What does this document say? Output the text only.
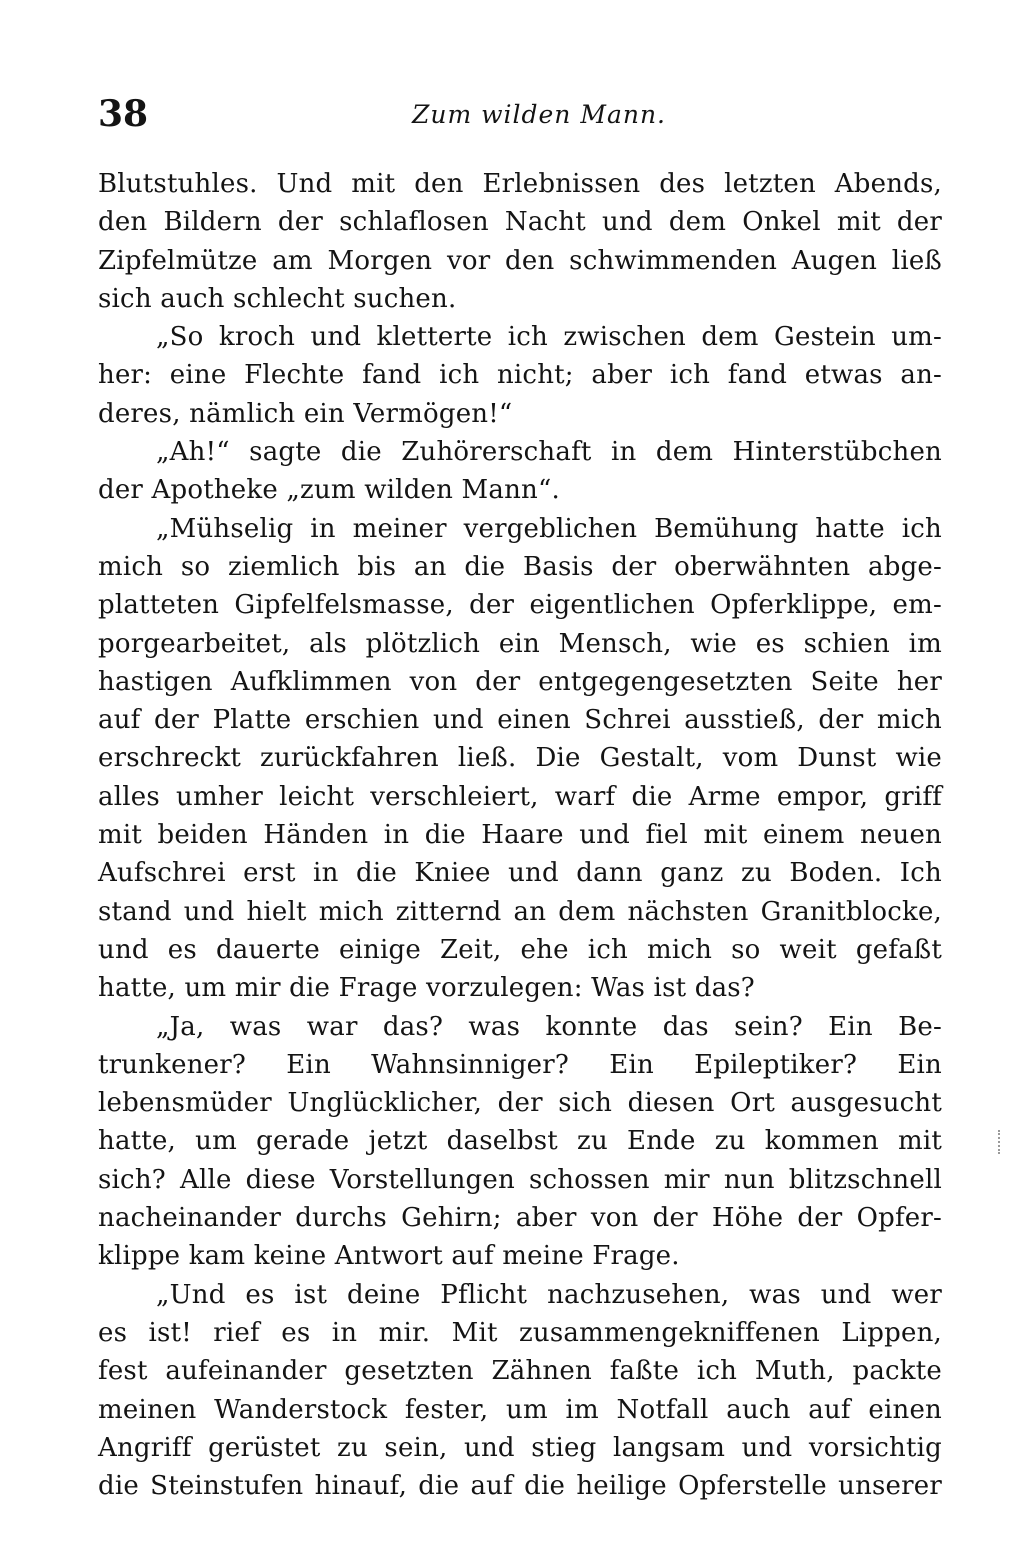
38	Zum wilden Mann.
Blutstuhles. Und mit den Erlebnissen des letzten Abends,
den Bildern der schlaflosen Nacht und dem Onkel mit der
Zipfelmütze am Morgen vor den schwimmenden Augen ließ
sich auch schlecht suchen.
„So kroch und kletterte ich zwischen dem Gestein um-
her: eine Flechte fand ich nicht; aber ich fand etwas an-
deres, nämlich ein Vermögen!“
„Ah!“ sagte die Zuhörerschaft in dem Hinterstübchen
der Apotheke „zum wilden Mann“.
„Mühselig in meiner vergeblichen Bemühung hatte ich
mich so ziemlich bis an die Basis der oberwähnten abge-
platteten Gipfelfelsmasse, der eigentlichen Opferklippe, em-
porgearbeitet, als plötzlich ein Mensch, wie es schien im
hastigen Aufklimmen von der entgegengesetzten Seite her
auf der Platte erschien und einen Schrei ausstieß, der mich
erschreckt zurückfahren ließ. Die Gestalt, vom Dunst wie
alles umher leicht verschleiert, warf die Arme empor, griff
mit beiden Händen in die Haare und fiel mit einem neuen
Aufschrei erst in die Kniee und dann ganz zu Boden. Ich
stand und hielt mich zitternd an dem nächsten Granitblocke,
und es dauerte einige Zeit, ehe ich mich so weit gefaßt
hatte, um mir die Frage vorzulegen: Was ist das?
„Ja, was war das? was konnte das sein? Ein Be-
trunkener? Ein Wahnsinniger? Ein Epileptiker? Ein
lebensmüder Unglücklicher, der sich diesen Ort ausgesucht
hatte, um gerade jetzt daselbst zu Ende zu kommen mit
sich? Alle diese Vorstellungen schossen mir nun blitzschnell
nacheinander durchs Gehirn; aber von der Höhe der Opfer-
klippe kam keine Antwort auf meine Frage.
„Und es ist deine Pflicht nachzusehen, was und wer
es ist! rief es in mir. Mit zusammengekniffenen Lippen,
fest aufeinander gesetzten Zähnen faßte ich Muth, packte
meinen Wanderstock fester, um im Notfall auch auf einen
Angriff gerüstet zu sein, und stieg langsam und vorsichtig
die Steinstufen hinauf, die auf die heilige Opferstelle unserer
